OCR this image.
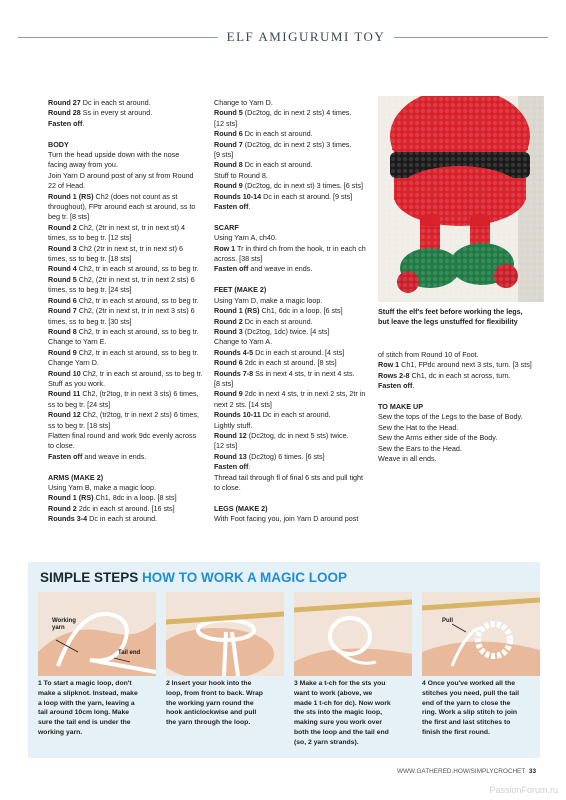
ELF AMIGURUMI TOY
Round 27 Dc in each st around.
Round 28 Ss in every st around.
Fasten off.
BODY
Turn the head upside down with the nose
facing away from you.
Join Yarn D around post of any st from Round
22 of Head.
Round 1 (RS) Ch2 (does not count as st
throughout), FPtr around each st around, ss to
beg tr. [8 sts]
Round 2 Ch2, (2tr in next st, tr in next st) 4
times, ss to beg tr. [12 sts]
Round 3 Ch2 (2tr in next st, tr in next st) 6
times, ss to beg tr. [18 sts]
Round 4 Ch2, tr in each st around, ss to beg tr.
Round 5 Ch2, (2tr in next st, tr in next 2 sts) 6
times, ss to beg tr. [24 sts]
Round 6 Ch2, tr in each st around, ss to beg tr.
Round 7 Ch2, (2tr in next st, tr in next 3 sts) 6
times, ss to beg tr. [30 sts]
Round 8 Ch2, tr in each st around, ss to beg tr.
Change to Yarn E.
Round 9 Ch2, tr in each st around, ss to beg tr.
Change Yarn D.
Round 10 Ch2, tr in each st around, ss to beg tr.
Stuff as you work.
Round 11 Ch2, (tr2tog, tr in next 3 sts) 6 times,
ss to beg tr. [24 sts]
Round 12 Ch2, (tr2tog, tr in next 2 sts) 6 times,
ss to beg tr. [18 sts]
Flatten final round and work 9dc evenly across
to close.
Fasten off and weave in ends.
ARMS (MAKE 2)
Using Yarn B, make a magic loop.
Round 1 (RS) Ch1, 8dc in a loop. [8 sts]
Round 2 2dc in each st around. [16 sts]
Rounds 3-4 Dc in each st around.
Change to Yarn D.
Round 5 (Dc2tog, dc in next 2 sts) 4 times.
[12 sts]
Round 6 Dc in each st around.
Round 7 (Dc2tog, dc in next 2 sts) 3 times.
[9 sts]
Round 8 Dc in each st around.
Stuff to Round 8.
Round 9 (Dc2tog, dc in next st) 3 times. [6 sts]
Rounds 10-14 Dc in each st around. [9 sts]
Fasten off.
SCARF
Using Yarn A, ch40.
Row 1 Tr in third ch from the hook, tr in each ch
across. [38 sts]
Fasten off and weave in ends.
FEET (MAKE 2)
Using Yarn D, make a magic loop.
Round 1 (RS) Ch1, 6dc in a loop. [6 sts]
Round 2 Dc in each st around.
Round 3 (Dc2tog, 1dc) twice. [4 sts]
Change to Yarn A.
Rounds 4-5 Dc in each st around. [4 sts]
Round 6 2dc in each st around. [8 sts]
Rounds 7-8 Ss in next 4 sts, tr in next 4 sts.
[8 sts]
Round 9 2dc in next 4 sts, tr in next 2 sts, 2tr in
next 2 sts. [14 sts]
Rounds 10-11 Dc in each st around.
Lightly stuff.
Round 12 (Dc2tog, dc in next 5 sts) twice.
[12 sts]
Round 13 (Dc2tog) 6 times. [6 sts]
Fasten off.
Thread tail through fl of final 6 sts and pull tight
to close.
LEGS (MAKE 2)
With Foot facing you, join Yarn D around post
of stitch from Round 10 of Foot.
Row 1 Ch1, FPdc around next 3 sts, turn. [3 sts]
Rows 2-8 Ch1, dc in each st across, turn.
Fasten off.
TO MAKE UP
Sew the tops of the Legs to the base of Body.
Sew the Hat to the Head.
Sew the Arms either side of the Body.
Sew the Ears to the Head.
Weave in all ends.
Stuff the elf's feet before working the legs,
but leave the legs unstuffed for flexibility
SIMPLE STEPS HOW TO WORK A MAGIC LOOP
Working
yarn
Tail end
Pull
1 To start a magic loop, don't
make a slipknot. Instead, make
a loop with the yarn, leaving a
tail around 10cm long. Make
sure the tail end is under the
working yarn.
2 Insert your hook into the
loop, from front to back. Wrap
the working yarn round the
hook anticlockwise and pull
the yarn through the loop.
3 Make a t-ch for the sts you
want to work (above, we
made 1 t-ch for dc). Now work
the sts into the magic loop,
making sure you work over
both the loop and the tail end
(so, 2 yarn strands).
4 Once you've worked all the
stitches you need, pull the tail
end of the yarn to close the
ring. Work a slip stitch to join
the first and last stitches to
finish the first round.
WWW.GATHERED.HOW/SIMPLYCROCHET 33
PassionForum.ru
